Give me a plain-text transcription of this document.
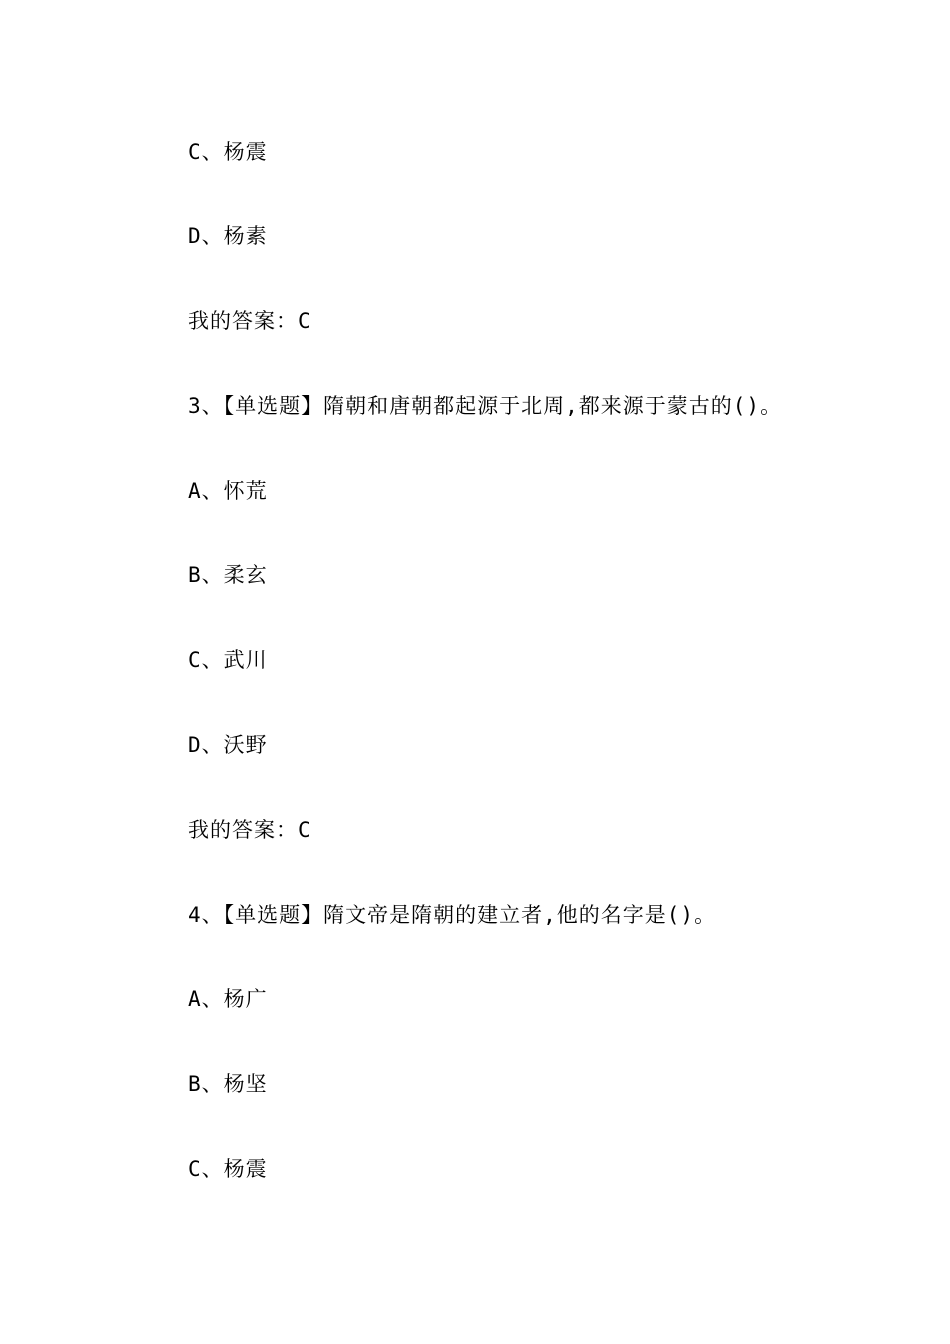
C、杨震
D、杨素
我的答案：C
3、【单选题】隋朝和唐朝都起源于北周,都来源于蒙古的()。
A、怀荒
B、柔玄
C、武川
D、沃野
我的答案：C
4、【单选题】隋文帝是隋朝的建立者,他的名字是()。
A、杨广
B、杨坚
C、杨震
